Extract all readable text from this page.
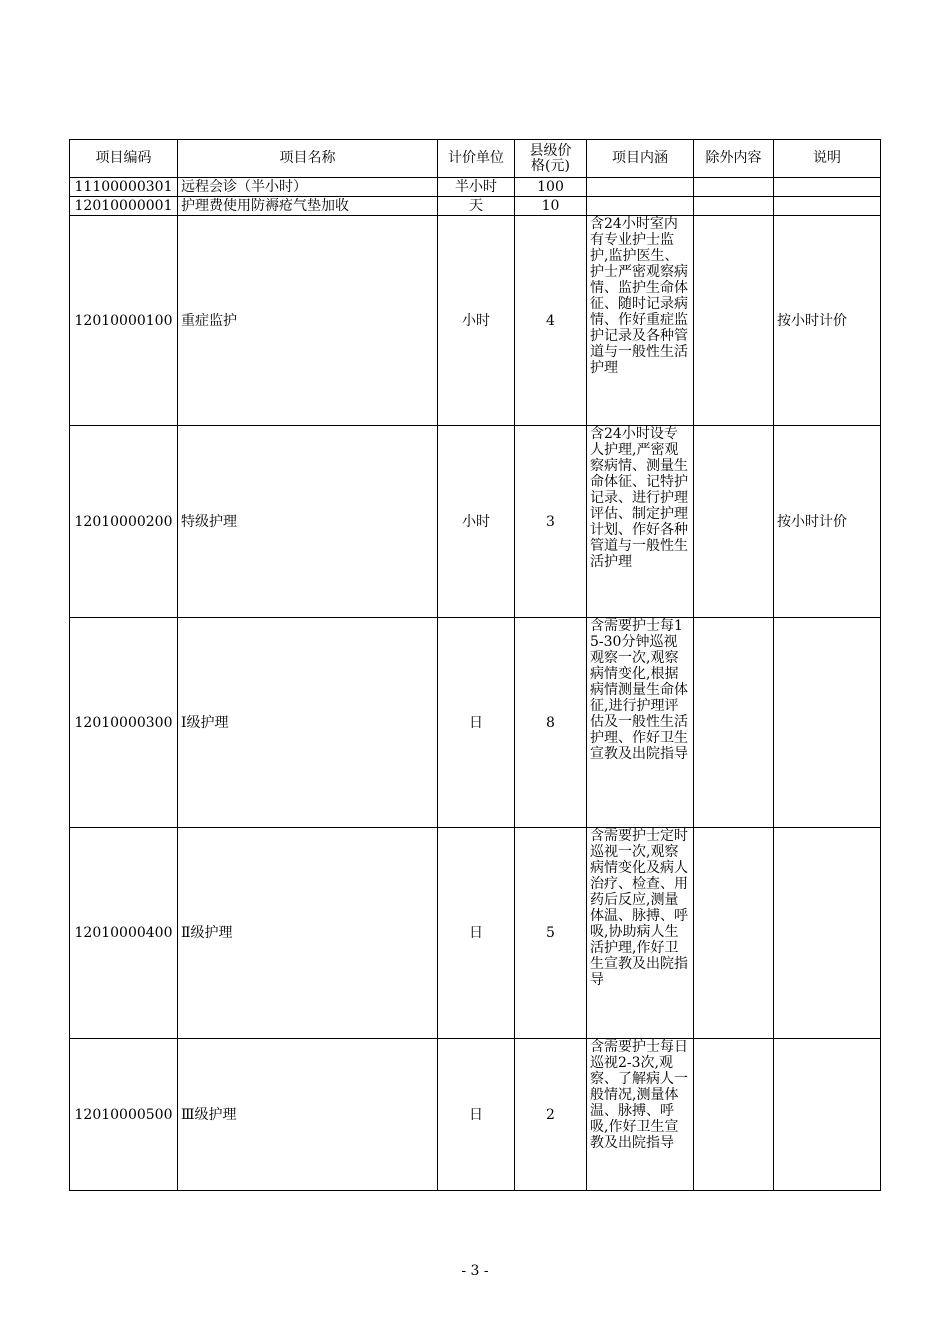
项目编码	项目名称	计价单位	县级价格(元)	项目内涵	除外内容	说明
11100000301	远程会诊（半小时）	半小时	100			
12010000001	护理费使用防褥疮气垫加收	天	10			
12010000100	重症监护	小时	4	含24小时室内有专业护士监护,监护医生、护士严密观察病情、监护生命体征、随时记录病情、作好重症监护记录及各种管道与一般性生活护理		按小时计价
12010000200	特级护理	小时	3	含24小时设专人护理,严密观察病情、测量生命体征、记特护记录、进行护理评估、制定护理计划、作好各种管道与一般性生活护理		按小时计价
12010000300	Ⅰ级护理	日	8	含需要护士每15-30分钟巡视观察一次,观察病情变化,根据病情测量生命体征,进行护理评估及一般性生活护理、作好卫生宣教及出院指导		
12010000400	Ⅱ级护理	日	5	含需要护士定时巡视一次,观察病情变化及病人治疗、检查、用药后反应,测量体温、脉搏、呼吸,协助病人生活护理,作好卫生宣教及出院指导		
12010000500	Ⅲ级护理	日	2	含需要护士每日巡视2-3次,观察、了解病人一般情况,测量体温、脉搏、呼吸,作好卫生宣教及出院指导		
- 3 -
